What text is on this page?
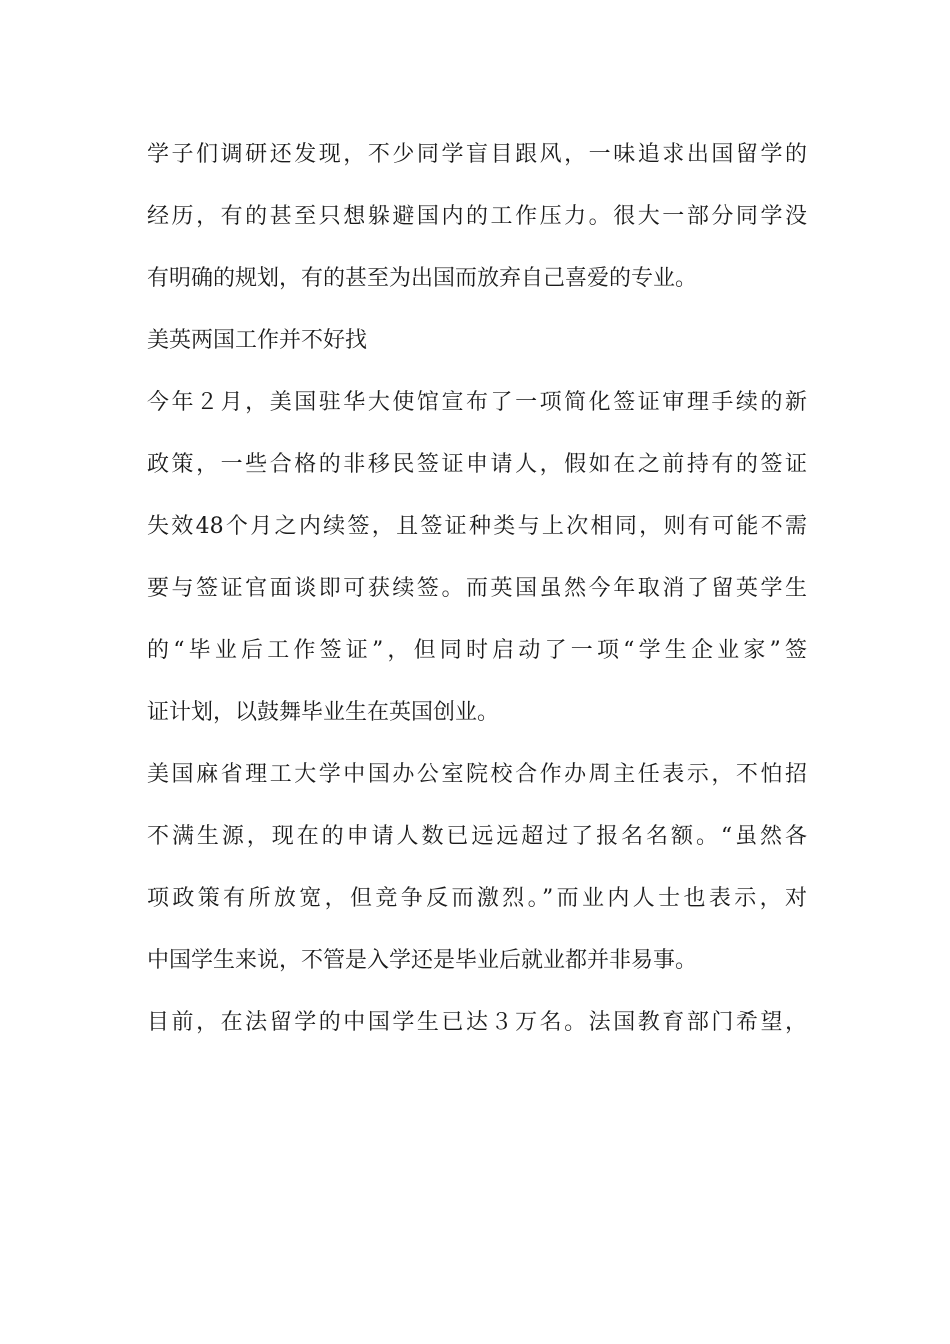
学子们调研还发现，不少同学盲目跟风，一味追求出国留学的
经历，有的甚至只想躲避国内的工作压力。很大一部分同学没
有明确的规划，有的甚至为出国而放弃自己喜爱的专业。
美英两国工作并不好找
今年２月，美国驻华大使馆宣布了一项简化签证审理手续的新
政策，一些合格的非移民签证申请人，假如在之前持有的签证
失效48个月之内续签，且签证种类与上次相同，则有可能不需
要与签证官面谈即可获续签。而英国虽然今年取消了留英学生
的“毕业后工作签证”，但同时启动了一项“学生企业家”签
证计划，以鼓舞毕业生在英国创业。
美国麻省理工大学中国办公室院校合作办周主任表示，不怕招
不满生源，现在的申请人数已远远超过了报名名额。“虽然各
项政策有所放宽，但竞争反而激烈。”而业内人士也表示，对
中国学生来说，不管是入学还是毕业后就业都并非易事。
目前，在法留学的中国学生已达３万名。法国教育部门希望，
